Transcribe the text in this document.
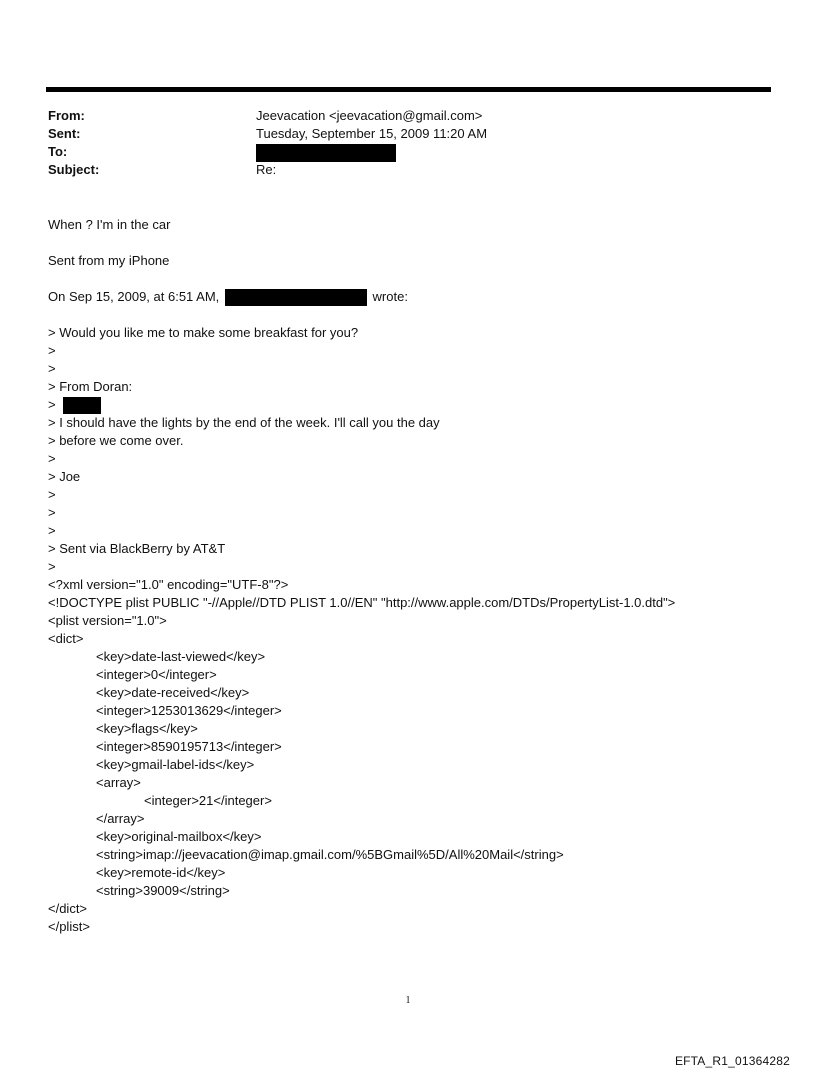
From:	Jeevacation <jeevacation@gmail.com>
Sent:	Tuesday, September 15, 2009 11:20 AM
To:
Subject:	Re:
When ? I'm in the car
Sent from my iPhone
On Sep 15, 2009, at 6:51 AM,	wrote:
> Would you like me to make some breakfast for you?
>
>
> From Doran:
>
> I should have the lights by the end of the week. I'll call you the day
> before we come over.
>
> Joe
>
>
>
> Sent via BlackBerry by AT&T
>
<?xml version="1.0" encoding="UTF-8"?>
<!DOCTYPE plist PUBLIC "-//Apple//DTD PLIST 1.0//EN" "http://www.apple.com/DTDs/PropertyList-1.0.dtd">
<plist version="1.0">
<dict>
<key>date-last-viewed</key>
<integer>0</integer>
<key>date-received</key>
<integer>1253013629</integer>
<key>flags</key>
<integer>8590195713</integer>
<key>gmail-label-ids</key>
<array>
<integer>21</integer>
</array>
<key>original-mailbox</key>
<string>imap://jeevacation@imap.gmail.com/%5BGmail%5D/All%20Mail</string>
<key>remote-id</key>
<string>39009</string>
</dict>
</plist>
1
EFTA_R1_01364282
